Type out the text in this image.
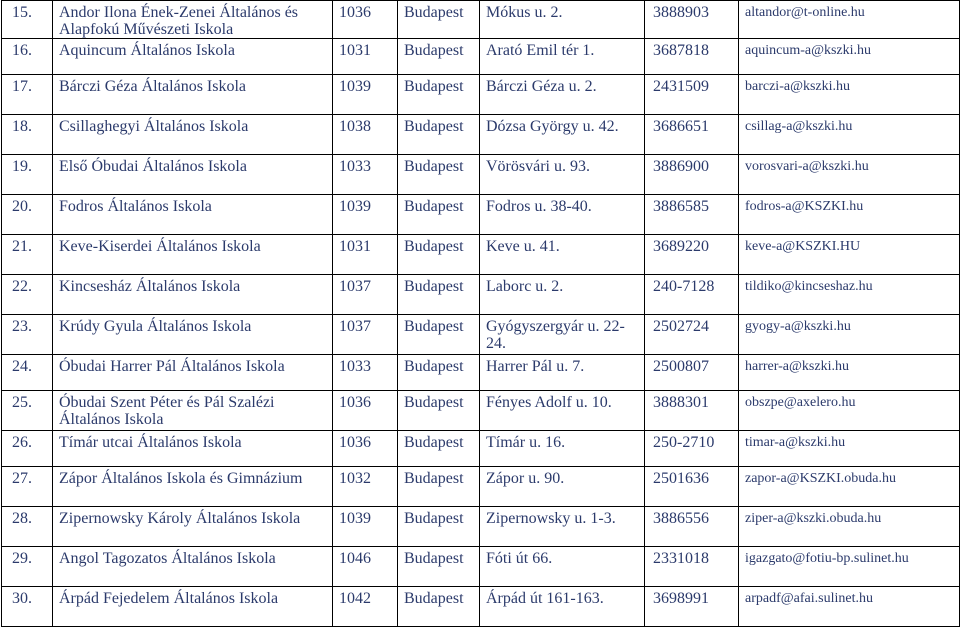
15.	Andor Ilona Ének-Zenei Általános és Alapfokú Művészeti Iskola	1036	Budapest	Mókus u. 2.	3888903	altandor@t-online.hu
16.	Aquincum Általános Iskola	1031	Budapest	Arató Emil tér 1.	3687818	aquincum-a@kszki.hu
17.	Bárczi Géza Általános Iskola	1039	Budapest	Bárczi Géza u. 2.	2431509	barczi-a@kszki.hu
18.	Csillaghegyi Általános Iskola	1038	Budapest	Dózsa György u. 42.	3686651	csillag-a@kszki.hu
19.	Első Óbudai Általános Iskola	1033	Budapest	Vörösvári u. 93.	3886900	vorosvari-a@kszki.hu
20.	Fodros Általános Iskola	1039	Budapest	Fodros u. 38-40.	3886585	fodros-a@KSZKI.hu
21.	Keve-Kiserdei Általános Iskola	1031	Budapest	Keve u. 41.	3689220	keve-a@KSZKI.HU
22.	Kincsesház Általános Iskola	1037	Budapest	Laborc u. 2.	240-7128	tildiko@kincseshaz.hu
23.	Krúdy Gyula Általános Iskola	1037	Budapest	Gyógyszergyár u. 22-24.	2502724	gyogy-a@kszki.hu
24.	Óbudai Harrer Pál Általános Iskola	1033	Budapest	Harrer Pál u. 7.	2500807	harrer-a@kszki.hu
25.	Óbudai Szent Péter és Pál Szalézi Általános Iskola	1036	Budapest	Fényes Adolf u. 10.	3888301	obszpe@axelero.hu
26.	Tímár utcai Általános Iskola	1036	Budapest	Tímár u. 16.	250-2710	timar-a@kszki.hu
27.	Zápor Általános Iskola és Gimnázium	1032	Budapest	Zápor u. 90.	2501636	zapor-a@KSZKI.obuda.hu
28.	Zipernowsky Károly Általános Iskola	1039	Budapest	Zipernowsky u. 1-3.	3886556	ziper-a@kszki.obuda.hu
29.	Angol Tagozatos Általános Iskola	1046	Budapest	Fóti út 66.	2331018	igazgato@fotiu-bp.sulinet.hu
30.	Árpád Fejedelem Általános Iskola	1042	Budapest	Árpád út 161-163.	3698991	arpadf@afai.sulinet.hu
